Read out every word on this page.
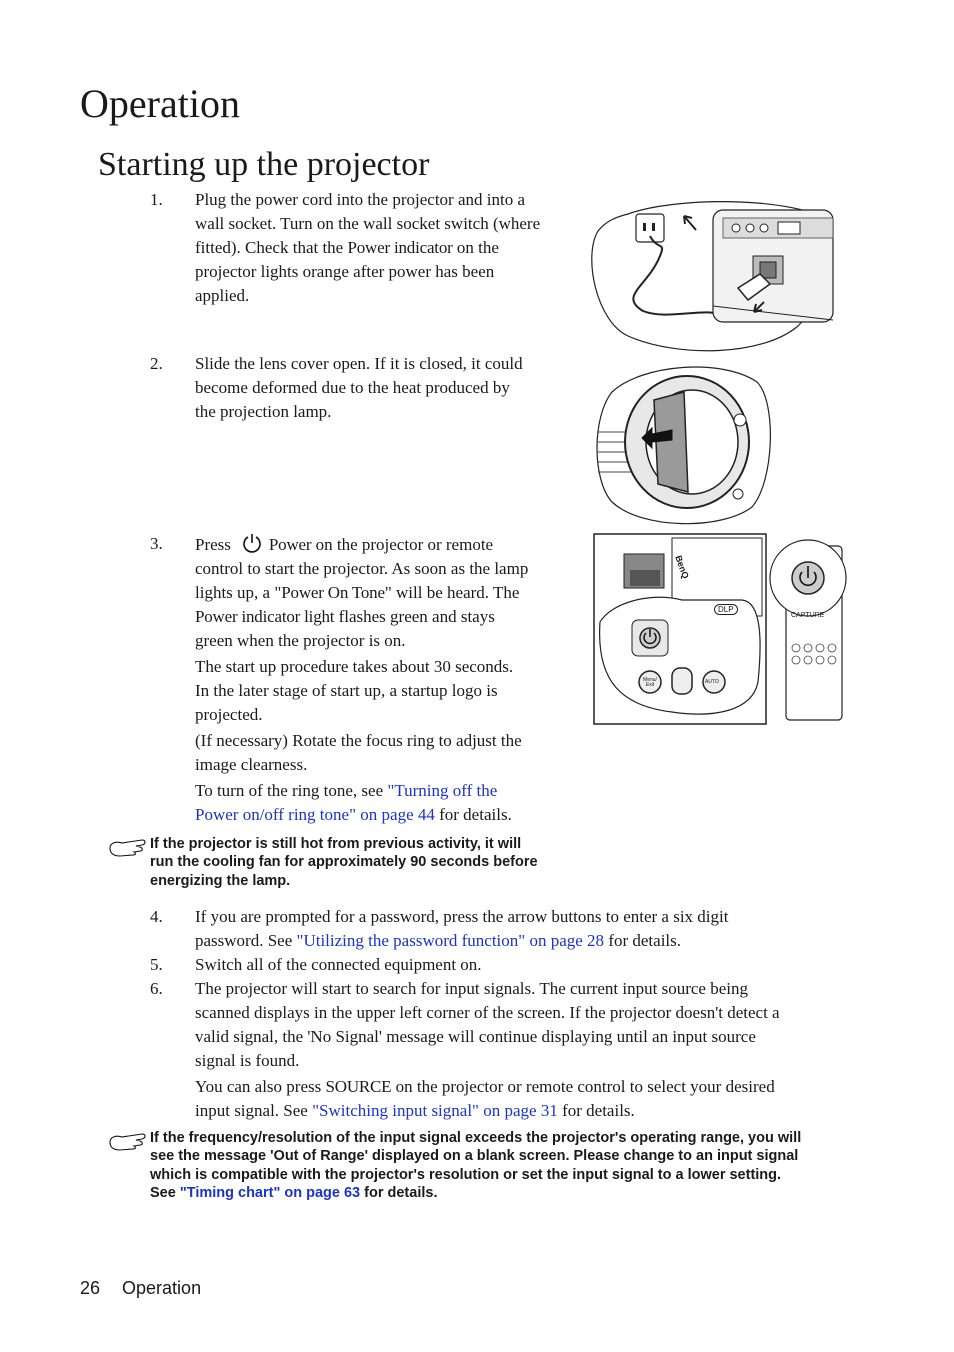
Operation
Starting up the projector
1. Plug the power cord into the projector and into a
wall socket. Turn on the wall socket switch (where
fitted). Check that the Power indicator on the
projector lights orange after power has been
applied.
2. Slide the lens cover open. If it is closed, it could
become deformed due to the heat produced by
the projection lamp.
3. Press Power on the projector or remote
control to start the projector. As soon as the lamp
lights up, a "Power On Tone" will be heard. The
Power indicator light flashes green and stays
green when the projector is on.
The start up procedure takes about 30 seconds.
In the later stage of start up, a startup logo is
projected.
(If necessary) Rotate the focus ring to adjust the
image clearness.
To turn of the ring tone, see "Turning off the
Power on/off ring tone" on page 44 for details.
BenQ
DLP
Menu/ Exit	AUTO
CAPTURE
If the projector is still hot from previous activity, it will
run the cooling fan for approximately 90 seconds before
energizing the lamp.
4. If you are prompted for a password, press the arrow buttons to enter a six digit
password. See "Utilizing the password function" on page 28 for details.
5. Switch all of the connected equipment on.
6. The projector will start to search for input signals. The current input source being
scanned displays in the upper left corner of the screen. If the projector doesn't detect a
valid signal, the 'No Signal' message will continue displaying until an input source
signal is found.
You can also press SOURCE on the projector or remote control to select your desired
input signal. See "Switching input signal" on page 31 for details.
If the frequency/resolution of the input signal exceeds the projector's operating range, you will
see the message 'Out of Range' displayed on a blank screen. Please change to an input signal
which is compatible with the projector's resolution or set the input signal to a lower setting.
See "Timing chart" on page 63 for details.
26 Operation
